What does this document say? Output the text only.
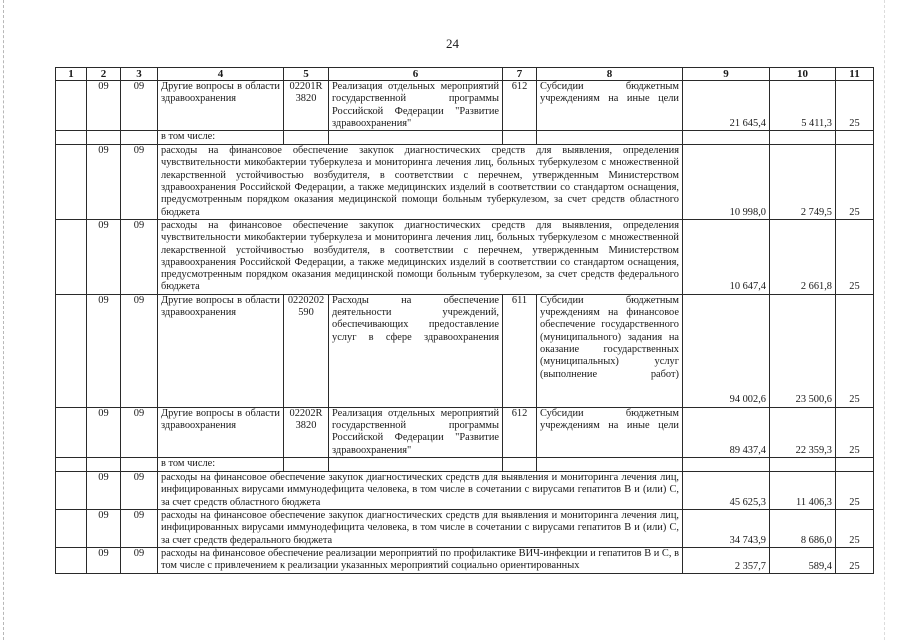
24
1	2	3	4	5	6	7	8	9	10	11
	09	09	Другие вопросы в области здравоохранения	02201R3820	Реализация отдельных мероприятий государственной программы Российской Федерации "Развитие здравоохранения"	612	Субсидии бюджетным учреждениям на иные цели	21 645,4	5 411,3	25
			в том числе:							
	09	09	расходы на финансовое обеспечение закупок диагностических средств для выявления, определения чувствительности микобактерии туберкулеза и мониторинга лечения лиц, больных туберкулезом с множественной лекарственной устойчивостью возбудителя, в соответствии с перечнем, утвержденным Министерством здравоохранения Российской Федерации, а также медицинских изделий в соответствии со стандартом оснащения, предусмотренным порядком оказания медицинской помощи больным туберкулезом, за счет средств областного бюджета					10 998,0	2 749,5	25
	09	09	расходы на финансовое обеспечение закупок диагностических средств для выявления, определения чувствительности микобактерии туберкулеза и мониторинга лечения лиц, больных туберкулезом с множественной лекарственной устойчивостью возбудителя, в соответствии с перечнем, утвержденным Министерством здравоохранения Российской Федерации, а также медицинских изделий в соответствии со стандартом оснащения, предусмотренным порядком оказания медицинской помощи больным туберкулезом, за счет средств федерального бюджета					10 647,4	2 661,8	25
	09	09	Другие вопросы в области здравоохранения	0220202590	Расходы на обеспечение деятельности учреждений, обеспечивающих предоставление услуг в сфере здравоохранения	611	Субсидии бюджетным учреждениям на финансовое обеспечение государственного (муниципального) задания на оказание государственных (муниципальных) услуг (выполнение работ)	94 002,6	23 500,6	25
	09	09	Другие вопросы в области здравоохранения	02202R3820	Реализация отдельных мероприятий государственной программы Российской Федерации "Развитие здравоохранения"	612	Субсидии бюджетным учреждениям на иные цели	89 437,4	22 359,3	25
			в том числе:							
	09	09	расходы на финансовое обеспечение закупок диагностических средств для выявления и мониторинга лечения лиц, инфицированных вирусами иммунодефицита человека, в том числе в сочетании с вирусами гепатитов В и (или) С, за счет средств областного бюджета					45 625,3	11 406,3	25
	09	09	расходы на финансовое обеспечение закупок диагностических средств для выявления и мониторинга лечения лиц, инфицированных вирусами иммунодефицита человека, в том числе в сочетании с вирусами гепатитов В и (или) С, за счет средств федерального бюджета					34 743,9	8 686,0	25
	09	09	расходы на финансовое обеспечение реализации мероприятий по профилактике ВИЧ-инфекции и гепатитов В и С, в том числе с привлечением к реализации указанных мероприятий социально ориентированных					2 357,7	589,4	25
